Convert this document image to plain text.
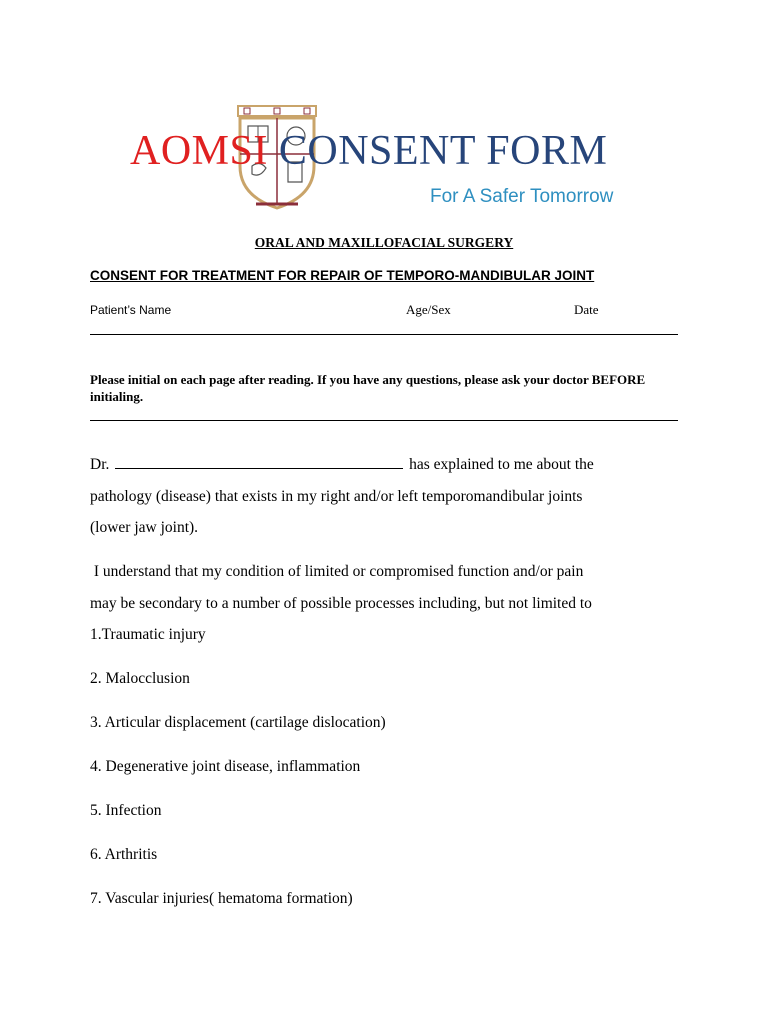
AOMSI CONSENT FORM
For A Safer Tomorrow
ORAL AND MAXILLOFACIAL SURGERY
CONSENT FOR TREATMENT FOR REPAIR OF TEMPORO-MANDIBULAR JOINT
Patient’s Name	Age/Sex	Date
Please initial on each page after reading. If you have any questions, please ask your doctor BEFORE initialing.
Dr.	has explained to me about the
pathology (disease) that exists in my right and/or left temporomandibular joints
(lower jaw joint).
I understand that my condition of limited or compromised function and/or pain
may be secondary to a number of possible processes including, but not limited to
1.Traumatic injury
2. Malocclusion
3. Articular displacement (cartilage dislocation)
4. Degenerative joint disease, inflammation
5. Infection
6. Arthritis
7. Vascular injuries( hematoma formation)
